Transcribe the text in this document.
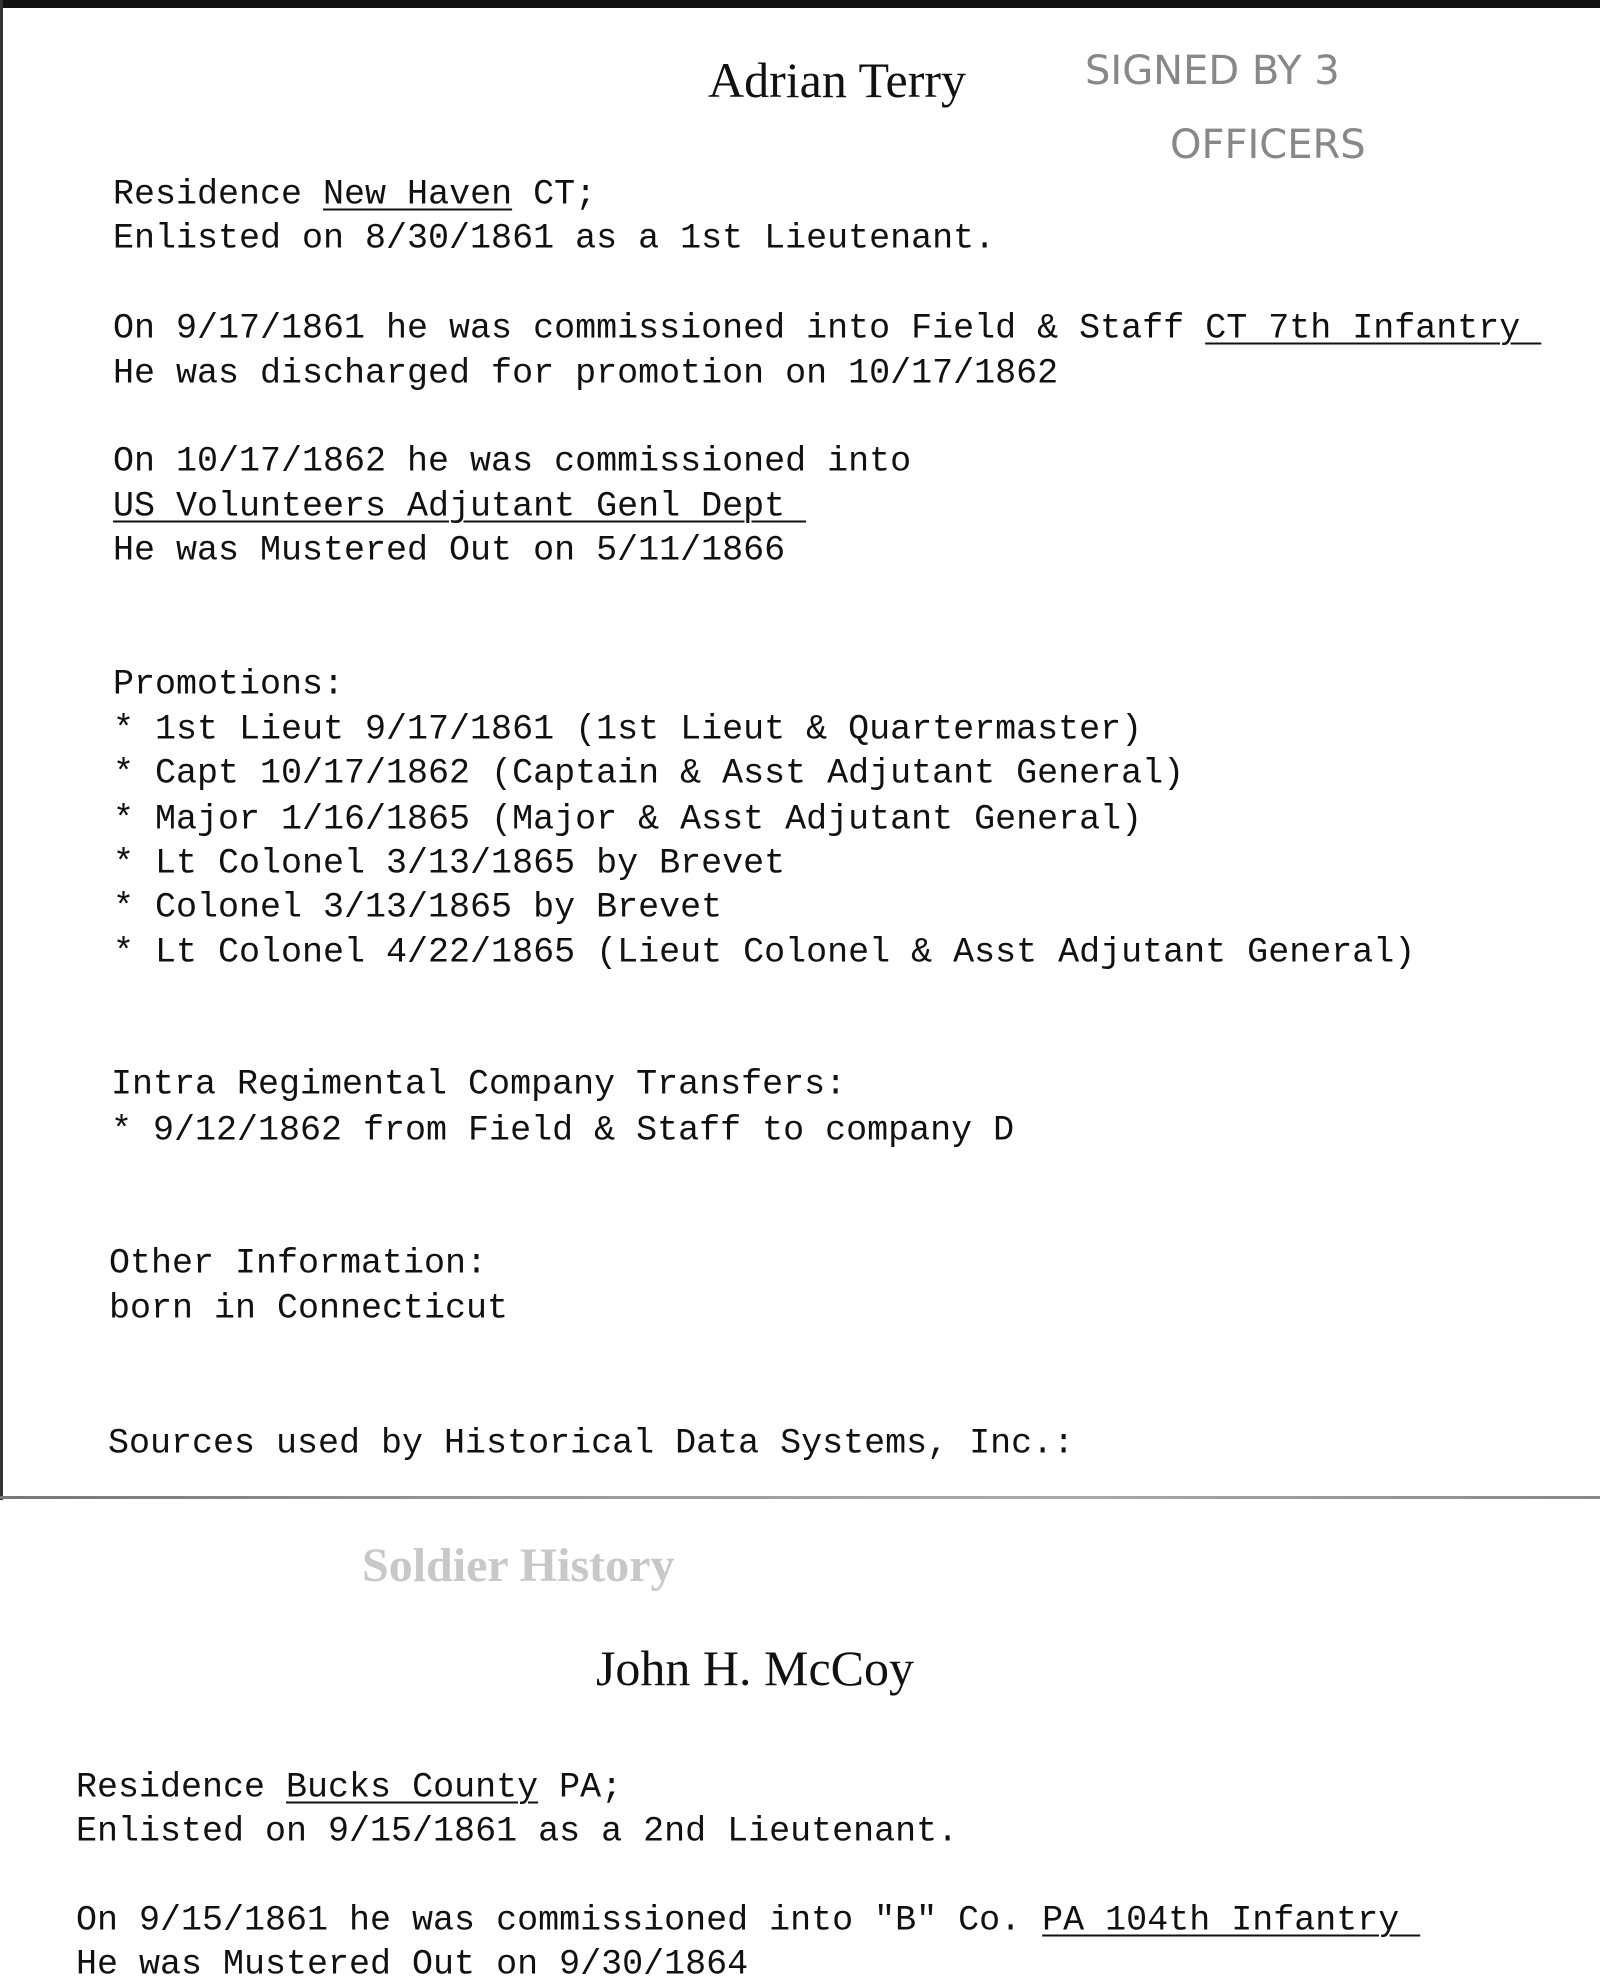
Adrian Terry	SIGNED BY 3
OFFICERS
Residence New Haven CT;
Enlisted on 8/30/1861 as a 1st Lieutenant.
On 9/17/1861 he was commissioned into Field & Staff CT 7th Infantry
He was discharged for promotion on 10/17/1862
On 10/17/1862 he was commissioned into
US Volunteers Adjutant Genl Dept
He was Mustered Out on 5/11/1866
Promotions:
* 1st Lieut 9/17/1861 (1st Lieut & Quartermaster)
* Capt 10/17/1862 (Captain & Asst Adjutant General)
* Major 1/16/1865 (Major & Asst Adjutant General)
* Lt Colonel 3/13/1865 by Brevet
* Colonel 3/13/1865 by Brevet
* Lt Colonel 4/22/1865 (Lieut Colonel & Asst Adjutant General)
Intra Regimental Company Transfers:
* 9/12/1862 from Field & Staff to company D
Other Information:
born in Connecticut
Sources used by Historical Data Systems, Inc.:
Soldier History
John H. McCoy
Residence Bucks County PA;
Enlisted on 9/15/1861 as a 2nd Lieutenant.
On 9/15/1861 he was commissioned into "B" Co. PA 104th Infantry
He was Mustered Out on 9/30/1864
